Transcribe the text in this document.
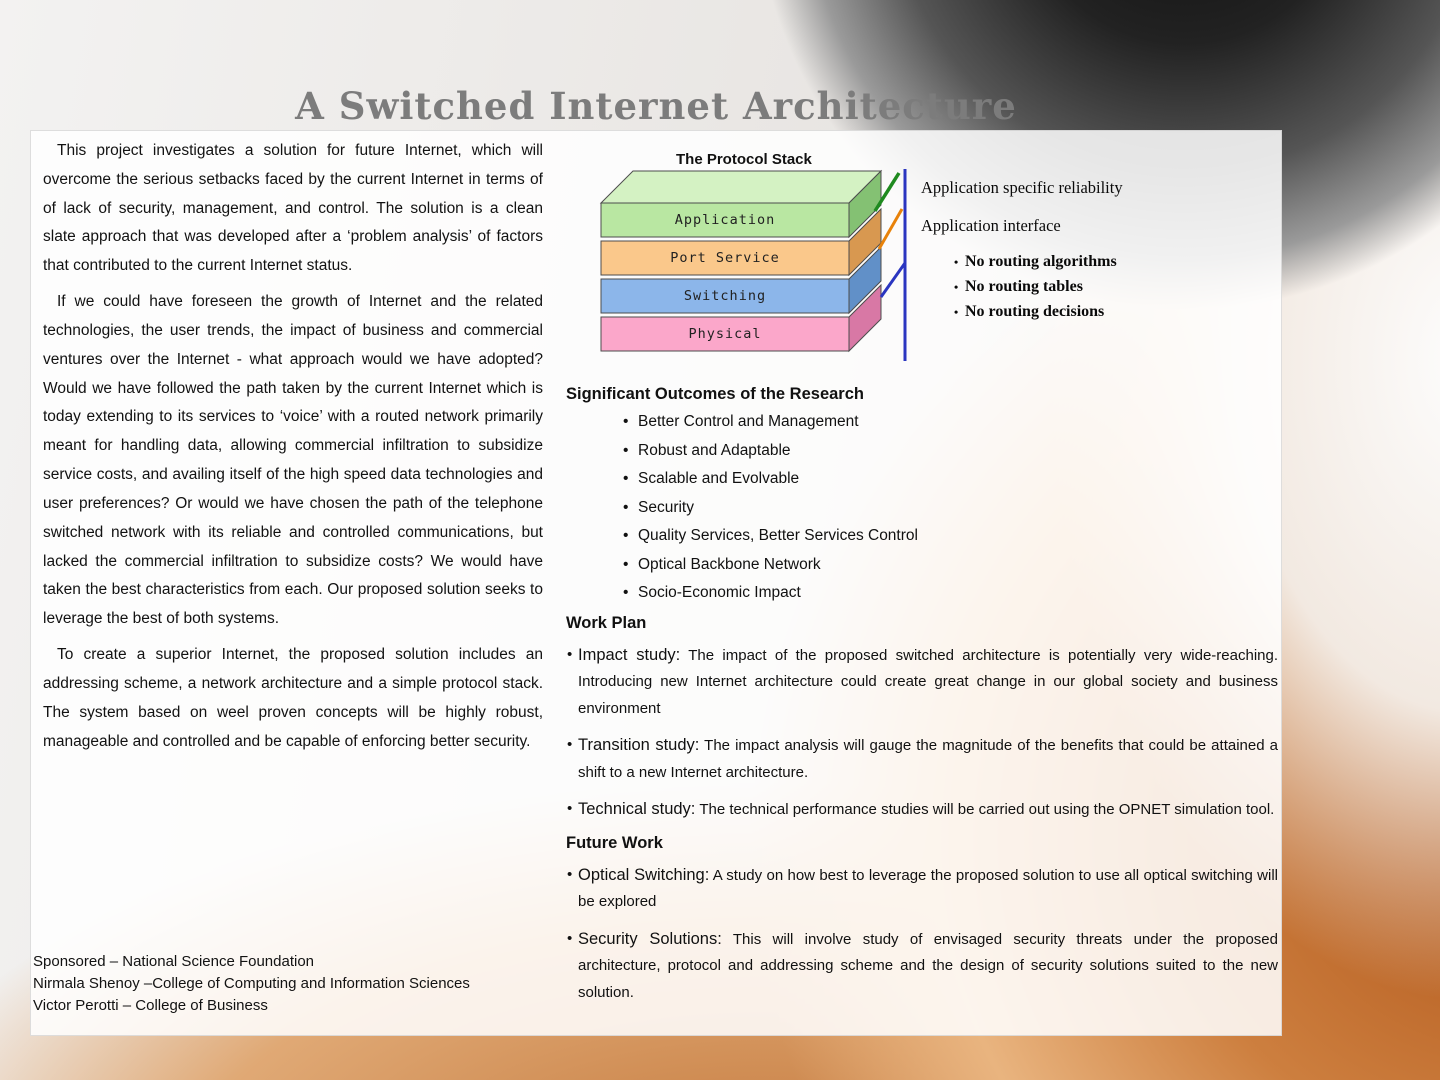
A Switched Internet Architecture

This project investigates a solution for future Internet, which will overcome the serious setbacks faced by the current Internet in terms of of lack of security, management, and control. The solution is a clean slate approach that was developed after a ‘problem analysis’ of factors that contributed to the current Internet status.

If we could have foreseen the growth of Internet and the related technologies, the user trends, the impact of business and commercial ventures over the Internet - what approach would we have adopted? Would we have followed the path taken by the current Internet which is today extending to its services to ‘voice’ with a routed network primarily meant for handling data, allowing commercial infiltration to subsidize service costs, and availing itself of the high speed data technologies and user preferences? Or would we have chosen the path of the telephone switched network with its reliable and controlled communications, but lacked the commercial infiltration to subsidize costs? We would have taken the best characteristics from each. Our proposed solution seeks to leverage the best of both systems.

To create a superior Internet, the proposed solution includes an addressing scheme, a network architecture and a simple protocol stack. The system based on weel proven concepts will be highly robust, manageable and controlled and be capable of enforcing better security.

Sponsored – National Science Foundation
Nirmala Shenoy –College of Computing and Information Sciences
Victor Perotti – College of Business
The Protocol Stack
Application
Port Service
Switching
Physical
Application specific reliability
Application interface
• No routing algorithms
• No routing tables
• No routing decisions
Significant Outcomes of the Research
• Better Control and Management
• Robust and Adaptable
• Scalable and Evolvable
• Security
• Quality Services, Better Services Control
• Optical Backbone Network
• Socio-Economic Impact
Work Plan

• Impact study: The impact of the proposed switched architecture is potentially very wide-reaching. Introducing new Internet architecture could create great change in our global society and business environment

• Transition study: The impact analysis will gauge the magnitude of the benefits that could be attained a shift to a new Internet architecture.

• Technical study: The technical performance studies will be carried out using the OPNET simulation tool.

Future Work

• Optical Switching: A study on how best to leverage the proposed solution to use all optical switching will be explored

• Security Solutions: This will involve study of envisaged security threats under the proposed architecture, protocol and addressing scheme and the design of security solutions suited to the new solution.
